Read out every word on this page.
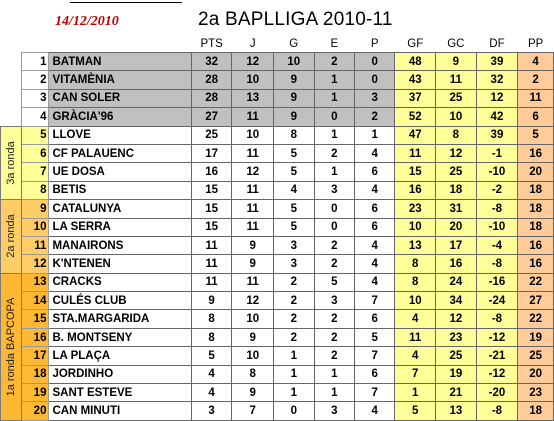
14/12/2010	2a BAPLLIGA 2010-11
			PTS	J	G	E	P	GF	GC	DF	PP
	1	BATMAN	32	12	10	2	0	48	9	39	4
	2	VITAMÈNIA	28	10	9	1	0	43	11	32	2
	3	CAN SOLER	28	13	9	1	3	37	25	12	11
	4	GRÀCIA'96	27	11	9	0	2	52	10	42	6

3a ronda	5	LLOVE	25	10	8	1	1	47	8	39	5
	6	CF PALAUENC	17	11	5	2	4	11	12	-1	16
	7	UE DOSA	16	12	5	1	6	15	25	-10	20
	8	BETIS	15	11	4	3	4	16	18	-2	18

2a ronda	9	CATALUNYA	15	11	5	0	6	23	31	-8	18
	10	LA SERRA	15	11	5	0	6	10	20	-10	18
	11	MANAIRONS	11	9	3	2	4	13	17	-4	16
	12	K'NTENEN	11	9	3	2	4	8	16	-8	16

1a ronda BAPCOPA	13	CRACKS	11	11	2	5	4	8	24	-16	22
	14	CULÉS CLUB	9	12	2	3	7	10	34	-24	27
	15	STA.MARGARIDA	8	10	2	2	6	4	12	-8	22
	16	B. MONTSENY	8	9	2	2	5	11	23	-12	19
	17	LA PLAÇA	5	10	1	2	7	4	25	-21	25
	18	JORDINHO	4	8	1	1	6	7	19	-12	20
	19	SANT ESTEVE	4	9	1	1	7	1	21	-20	23
	20	CAN MINUTI	3	7	0	3	4	5	13	-8	18
